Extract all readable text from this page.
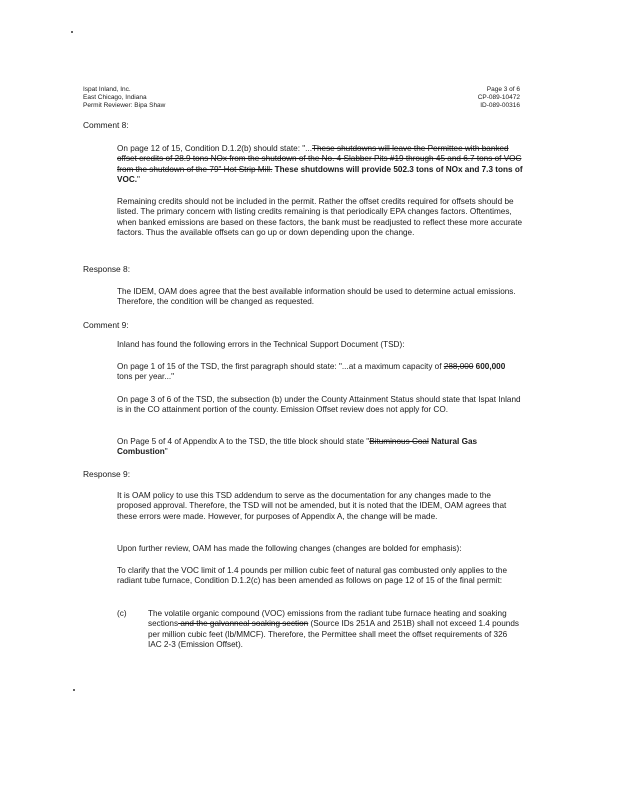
Ispat Inland, Inc.
East Chicago, Indiana
Permit Reviewer: Bipa Shaw
Page 3 of 6
CP-089-10472
ID-089-00316
Comment 8:
On page 12 of 15, Condition D.1.2(b) should state: "...These shutdowns will leave the Permittee with banked offset credits of 28.9 tons NOx from the shutdown of the No. 4 Slabber Pits #19 through 45 and 6.7 tons of VOC from the shutdown of the 79" Hot Strip Mill. These shutdowns will provide 502.3 tons of NOx and 7.3 tons of VOC."
Remaining credits should not be included in the permit. Rather the offset credits required for offsets should be listed. The primary concern with listing credits remaining is that periodically EPA changes factors. Oftentimes, when banked emissions are based on these factors, the bank must be readjusted to reflect these more accurate factors. Thus the available offsets can go up or down depending upon the change.
Response 8:
The IDEM, OAM does agree that the best available information should be used to determine actual emissions. Therefore, the condition will be changed as requested.
Comment 9:
Inland has found the following errors in the Technical Support Document (TSD):
On page 1 of 15 of the TSD, the first paragraph should state: "...at a maximum capacity of 288,000 600,000 tons per year..."
On page 3 of 6 of the TSD, the subsection (b) under the County Attainment Status should state that Ispat Inland is in the CO attainment portion of the county. Emission Offset review does not apply for CO.
On Page 5 of 4 of Appendix A to the TSD, the title block should state "Bituminous Coal Natural Gas Combustion"
Response 9:
It is OAM policy to use this TSD addendum to serve as the documentation for any changes made to the proposed approval. Therefore, the TSD will not be amended, but it is noted that the IDEM, OAM agrees that these errors were made. However, for purposes of Appendix A, the change will be made.
Upon further review, OAM has made the following changes (changes are bolded for emphasis):
To clarify that the VOC limit of 1.4 pounds per million cubic feet of natural gas combusted only applies to the radiant tube furnace, Condition D.1.2(c) has been amended as follows on page 12 of 15 of the final permit:
(c)	The volatile organic compound (VOC) emissions from the radiant tube furnace heating and soaking sections and the galvanneal soaking section (Source IDs 251A and 251B) shall not exceed 1.4 pounds per million cubic feet (lb/MMCF). Therefore, the Permittee shall meet the offset requirements of 326 IAC 2-3 (Emission Offset).
